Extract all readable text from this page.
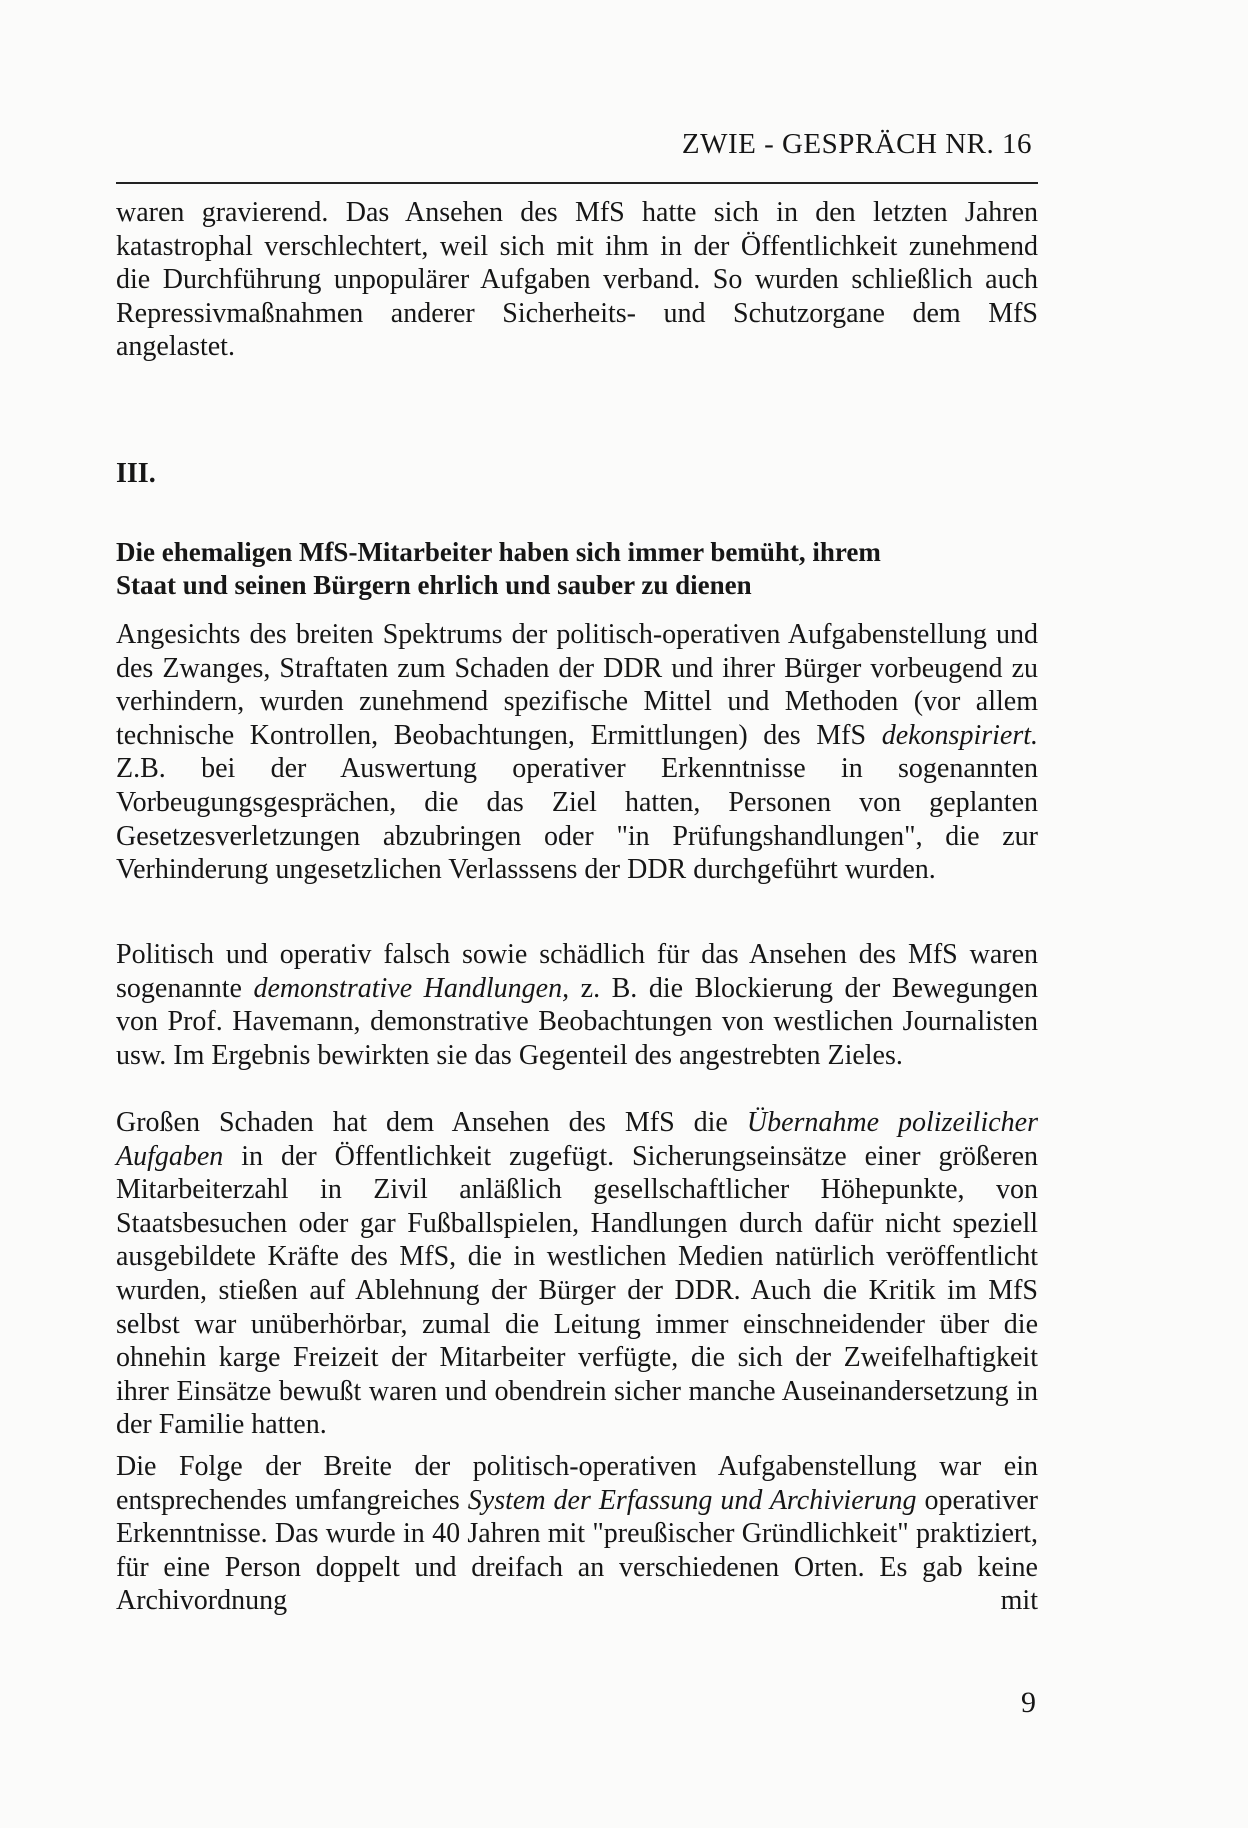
ZWIE - GESPRÄCH NR. 16

waren gravierend. Das Ansehen des MfS hatte sich in den letzten Jahren katastrophal verschlechtert, weil sich mit ihm in der Öffentlichkeit zunehmend die Durchführung unpopulärer Aufgaben verband. So wurden schließlich auch Repressivmaßnahmen anderer Sicherheits- und Schutzorgane dem MfS angelastet.

III.
Die ehemaligen MfS-Mitarbeiter haben sich immer bemüht, ihrem
Staat und seinen Bürgern ehrlich und sauber zu dienen

Angesichts des breiten Spektrums der politisch-operativen Aufgabenstellung und des Zwanges, Straftaten zum Schaden der DDR und ihrer Bürger vorbeugend zu verhindern, wurden zunehmend spezifische Mittel und Methoden (vor allem technische Kontrollen, Beobachtungen, Ermittlungen) des MfS dekonspiriert. Z.B. bei der Auswertung operativer Erkenntnisse in sogenannten Vorbeugungsgesprächen, die das Ziel hatten, Personen von geplanten Gesetzesverletzungen abzubringen oder "in Prüfungshandlungen", die zur Verhinderung ungesetzlichen Verlasssens der DDR durchgeführt wurden.

Politisch und operativ falsch sowie schädlich für das Ansehen des MfS waren sogenannte demonstrative Handlungen, z. B. die Blockierung der Bewegungen von Prof. Havemann, demonstrative Beobachtungen von westlichen Journalisten usw. Im Ergebnis bewirkten sie das Gegenteil des angestrebten Zieles.

Großen Schaden hat dem Ansehen des MfS die Übernahme polizeilicher Aufgaben in der Öffentlichkeit zugefügt. Sicherungseinsätze einer größeren Mitarbeiterzahl in Zivil anläßlich gesellschaftlicher Höhepunkte, von Staatsbesuchen oder gar Fußballspielen, Handlungen durch dafür nicht speziell ausgebildete Kräfte des MfS, die in westlichen Medien natürlich veröffentlicht wurden, stießen auf Ablehnung der Bürger der DDR. Auch die Kritik im MfS selbst war unüberhörbar, zumal die Leitung immer einschneidender über die ohnehin karge Freizeit der Mitarbeiter verfügte, die sich der Zweifelhaftigkeit ihrer Einsätze bewußt waren und obendrein sicher manche Auseinandersetzung in der Familie hatten.

Die Folge der Breite der politisch-operativen Aufgabenstellung war ein entsprechendes umfangreiches System der Erfassung und Archivierung operativer Erkenntnisse. Das wurde in 40 Jahren mit "preußischer Gründlichkeit" praktiziert, für eine Person doppelt und dreifach an verschiedenen Orten. Es gab keine Archivordnung mit

9
